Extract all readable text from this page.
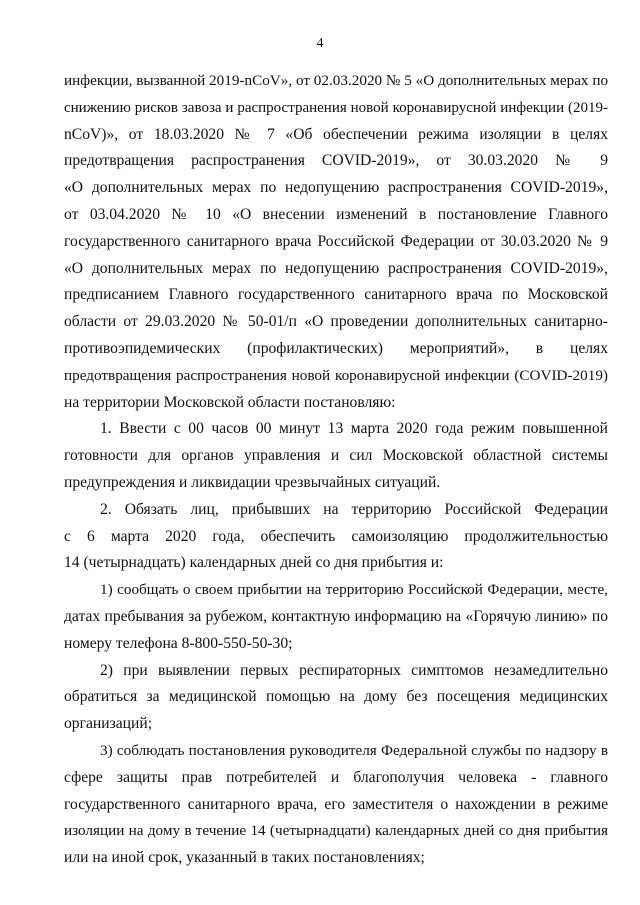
4
инфекции, вызванной 2019-nCoV», от 02.03.2020 № 5 «О дополнительных мерах по
снижению рисков завоза и распространения новой коронавирусной инфекции (2019-
nCoV)», от 18.03.2020 № 7 «Об обеспечении режима изоляции в целях
предотвращения распространения COVID-2019», от 30.03.2020 № 9
«О дополнительных мерах по недопущению распространения COVID-2019»,
от 03.04.2020 № 10 «О внесении изменений в постановление Главного
государственного санитарного врача Российской Федерации от 30.03.2020 № 9
«О дополнительных мерах по недопущению распространения COVID-2019»,
предписанием Главного государственного санитарного врача по Московской
области от 29.03.2020 № 50-01/п «О проведении дополнительных санитарно-
противоэпидемических (профилактических) мероприятий», в целях
предотвращения распространения новой коронавирусной инфекции (COVID-2019)
на территории Московской области постановляю:
1. Ввести с 00 часов 00 минут 13 марта 2020 года режим повышенной
готовности для органов управления и сил Московской областной системы
предупреждения и ликвидации чрезвычайных ситуаций.
2. Обязать лиц, прибывших на территорию Российской Федерации
с 6 марта 2020 года, обеспечить самоизоляцию продолжительностью
14 (четырнадцать) календарных дней со дня прибытия и:
1) сообщать о своем прибытии на территорию Российской Федерации, месте,
датах пребывания за рубежом, контактную информацию на «Горячую линию» по
номеру телефона 8-800-550-50-30;
2) при выявлении первых респираторных симптомов незамедлительно
обратиться за медицинской помощью на дому без посещения медицинских
организаций;
3) соблюдать постановления руководителя Федеральной службы по надзору в
сфере защиты прав потребителей и благополучия человека - главного
государственного санитарного врача, его заместителя о нахождении в режиме
изоляции на дому в течение 14 (четырнадцати) календарных дней со дня прибытия
или на иной срок, указанный в таких постановлениях;
